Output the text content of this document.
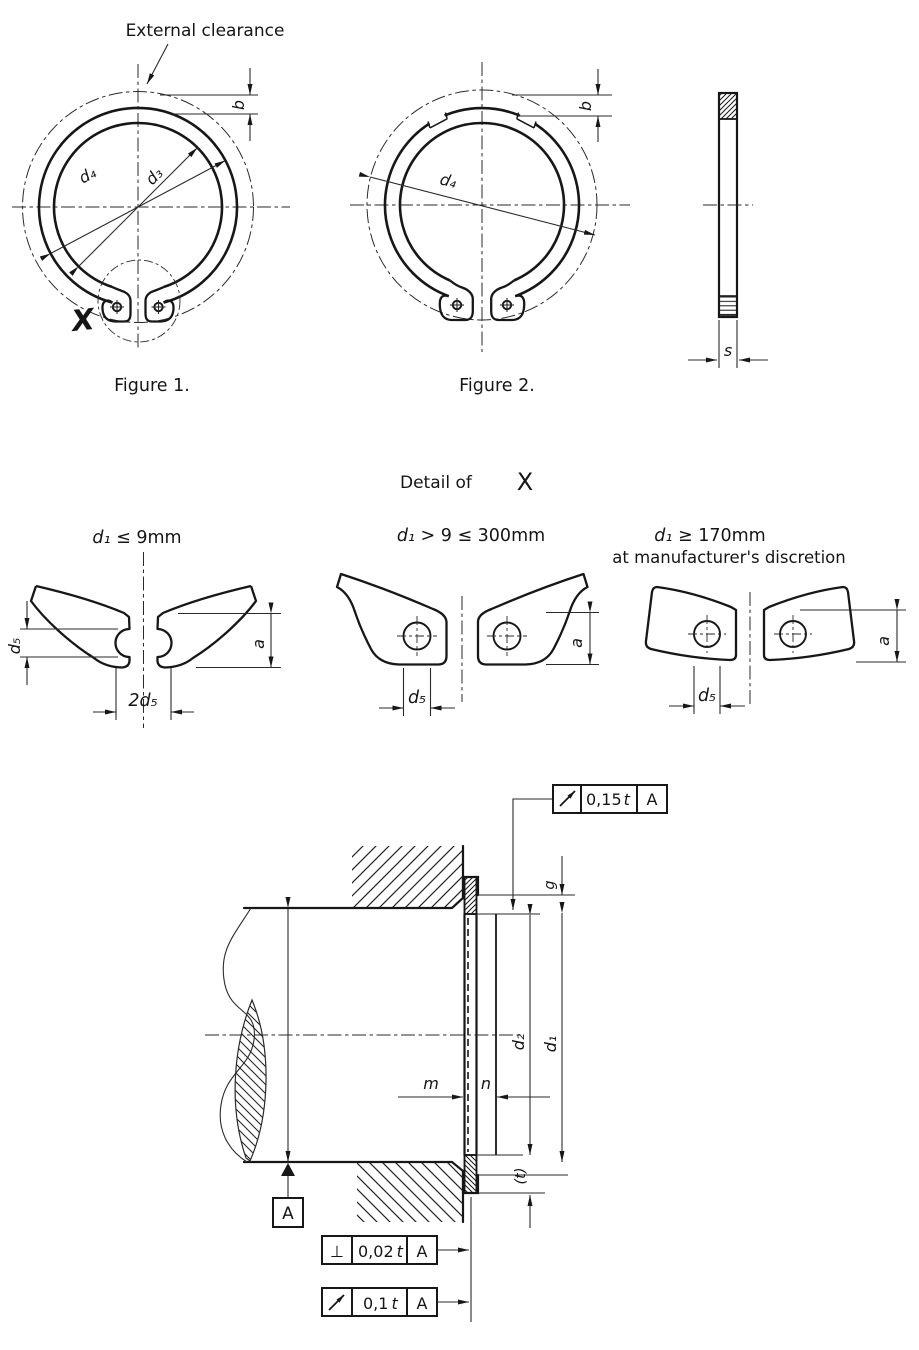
X
External clearance
b
d₄	d₃
Figure 1.
b
d₄
Figure 2.
s
Detail of X
d₁ ≤ 9mm
d₅
2d₅
a
d₁ > 9 ≤ 300mm
d₅
a
d₁ ≥ 170mm
at manufacturer's discretion
d₅
a
A
g
d₂
(t)
d₁
m	n
0,15 t A
⊥ 0,02 t A
0,1 t A
